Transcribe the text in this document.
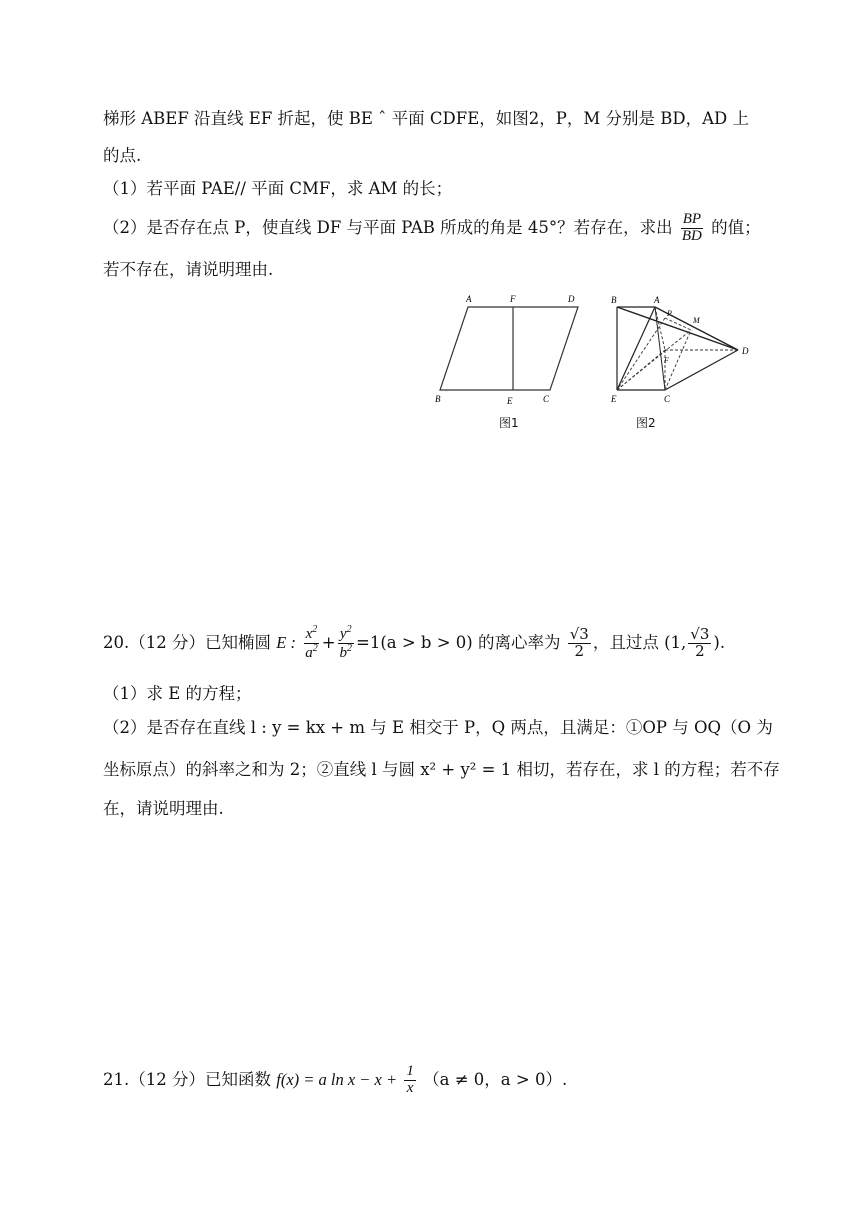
梯形 ABEF 沿直线 EF 折起，使 BE ˆ 平面 CDFE，如图2，P，M 分别是 BD，AD 上
的点.
（1）若平面 PAE// 平面 CMF，求 AM 的长；
（2）是否存在点 P，使直线 DF 与平面 PAB 所成的角是 45°？若存在，求出 $\frac{BP}{BD}$ 的值；
若不存在，请说明理由.
A	F	D
B	E	C
图1
B	A
P
M
D
F
E	C
图2
20.（12 分）已知椭圆 E : $\frac{x^2}{a^2} + \frac{y^2}{b^2} =1(a > b > 0)$ 的离心率为 $\frac{√3}{2}$ ，且过点 (1, $\frac{√3}{2}$ ).
（1）求 E 的方程；
（2）是否存在直线 l : y = kx + m 与 E 相交于 P，Q 两点，且满足：①OP 与 OQ（O 为
坐标原点）的斜率之和为 2；②直线 l 与圆 x² + y² = 1 相切，若存在，求 l 的方程；若不存
在，请说明理由.
21.（12 分）已知函数 f(x) = a $\ln x - x + \frac{1}{x} (a \ne 0$，a > 0）.
